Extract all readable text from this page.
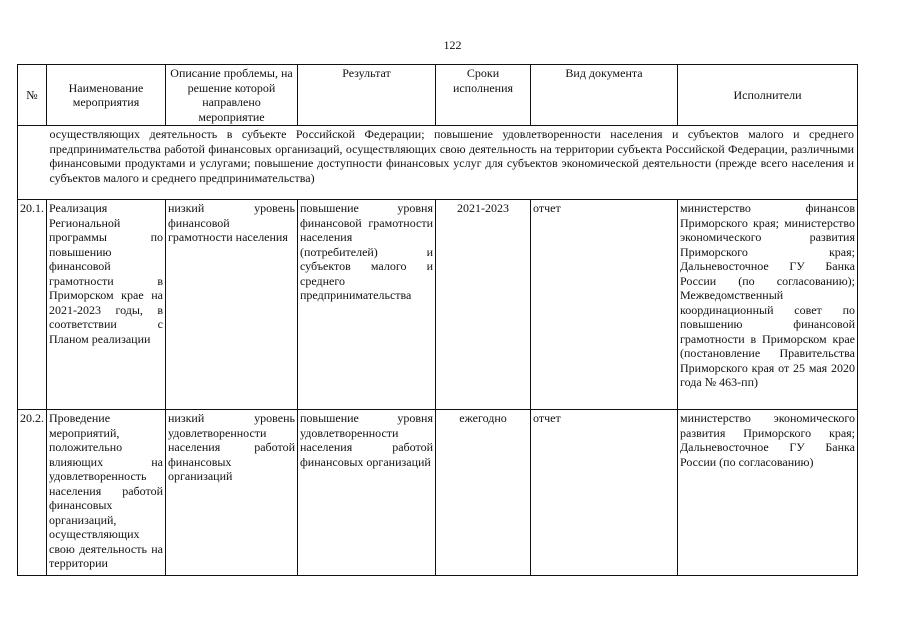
122
№	Наименование мероприятия	Описание проблемы, на решение которой направлено мероприятие	Результат	Сроки исполнения	Вид документа	Исполнители
	осуществляющих деятельность в субъекте Российской Федерации; повышение удовлетворенности населения и субъектов малого и среднего предпринимательства работой финансовых организаций, осуществляющих свою деятельность на территории субъекта Российской Федерации, различными финансовыми продуктами и услугами; повышение доступности финансовых услуг для субъектов экономической деятельности (прежде всего населения и субъектов малого и среднего предпринимательства)					
20.1.	Реализация Региональной программы по повышению финансовой грамотности в Приморском крае на 2021-2023 годы, в соответствии с Планом реализации	низкий уровень финансовой грамотности населения	повышение уровня финансовой грамотности населения (потребителей) и субъектов малого и среднего предпринимательства	2021-2023	отчет	министерство финансов Приморского края; министерство экономического развития Приморского края; Дальневосточное ГУ Банка России (по согласованию); Межведомственный координационный совет по повышению финансовой грамотности в Приморском крае (постановление Правительства Приморского края от 25 мая 2020 года № 463-пп)
20.2.	Проведение мероприятий, положительно влияющих на удовлетворенность населения работой финансовых организаций, осуществляющих свою деятельность на территории	низкий уровень удовлетворенности населения работой финансовых организаций	повышение уровня удовлетворенности населения работой финансовых организаций	ежегодно	отчет	министерство экономического развития Приморского края; Дальневосточное ГУ Банка России (по согласованию)
